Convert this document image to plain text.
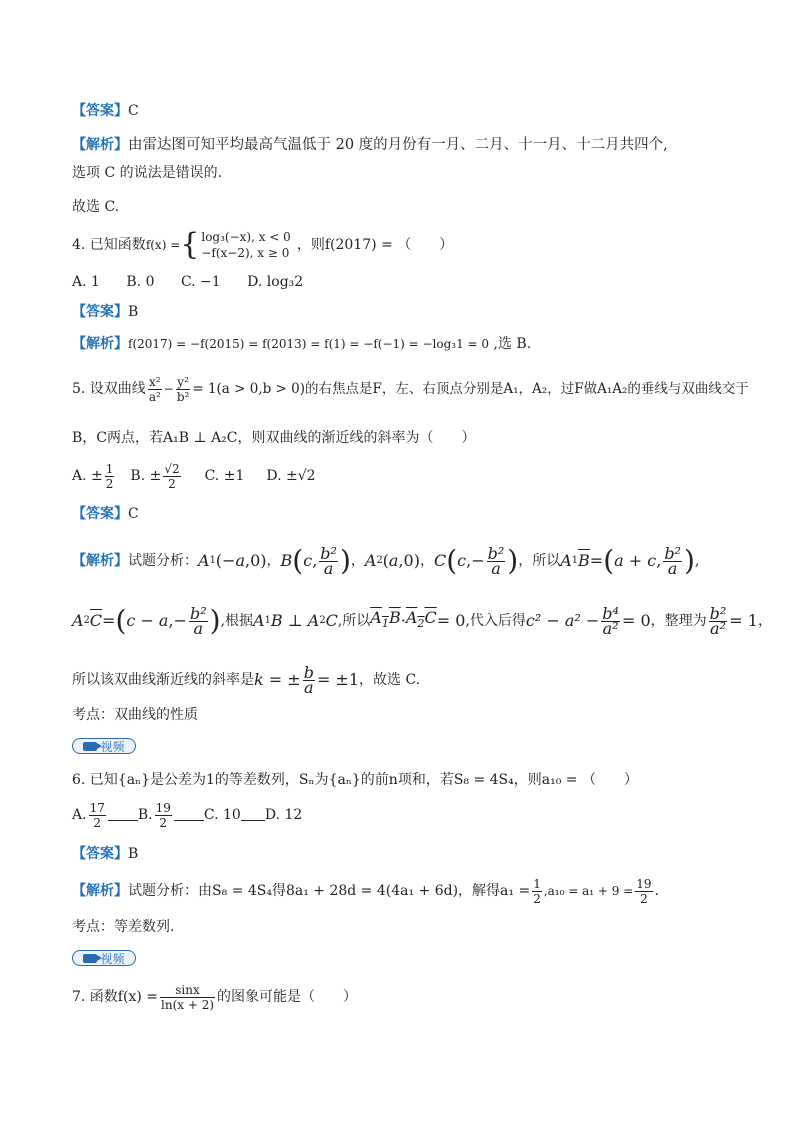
【答案】C
【解析】由雷达图可知平均最高气温低于 20 度的月份有一月、二月、十一月、十二月共四个,
选项 C 的说法是错误的.
故选 C.
4. 已知函数 f(x) = { log₃(−x), x < 0
−f(x−2), x ≥ 0 ，则f(2017) = （　　）
A. 1 B. 0 C. −1 D. log₃2
【答案】B
【解析】f(2017) = −f(2015) = f(2013) = f(1) = −f(−1) = −log₃1 = 0 ,选 B.
5. 设双曲线 $\frac{\text{x²}}{\text{a²}} - \frac{\text{y²}}{\text{b²}} = 1(a > 0,b > 0)$的右焦点是F，左、右顶点分别是A₁，A₂，过F做A₁A₂的垂线与双曲线交于
B，C两点，若A₁B ⊥ A₂C，则双曲线的渐近线的斜率为（　　）
A. ± $\frac{1}{2} B$. ± $\frac{√2}{2} C$. ±1 D. ±√2
【答案】C
【解析】 试题分析： A 1 (− a ,0) ， B ( c , $\frac{\text{b²}}{a}$ ) ， A 2 ( a ,0) ， C ( c ,− $\frac{\text{b²}}{a}$ ) ，所以 A 1 B = ( a + c , $\frac{\text{b²}}{a}$ ) ,
A 2 C = ( c − a ,− $\frac{\text{b²}}{a}$ ) , 根据 A 1 B ⊥ A 2 C , 所以 $A_1B \cdot A_2C = 0$ , 代入后得 $c^2 - a^2 - \frac{\text{b⁴}}{\text{a²}} = 0$ ，整理为 $\frac{\text{b²}}{\text{a²}} = 1$ ，
所以该双曲线渐近线的斜率是 k = ± $\frac{b}{a} = \pm 1$ ，故选 C.
考点：双曲线的性质
视频
6. 已知{aₙ}是公差为1的等差数列，Sₙ为{aₙ}的前n项和，若S₈ = 4S₄，则a₁₀ = （　　）
A. $\frac{17}{2} B$. $\frac{19}{2} C$. 10 D. 12
【答案】B
【解析】 试题分析：由S₈ = 4S₄得8a₁ + 28d = 4(4a₁ + 6d)，解得$a_1 = \frac{1}{2} ,a_{10} = a_1 + 9 = \frac{19}{2}$ .
考点：等差数列.
视频
7. 函数$f(x) = \frac{\sin x}{\ln(x + 2)}$ 的图象可能是（　　）
